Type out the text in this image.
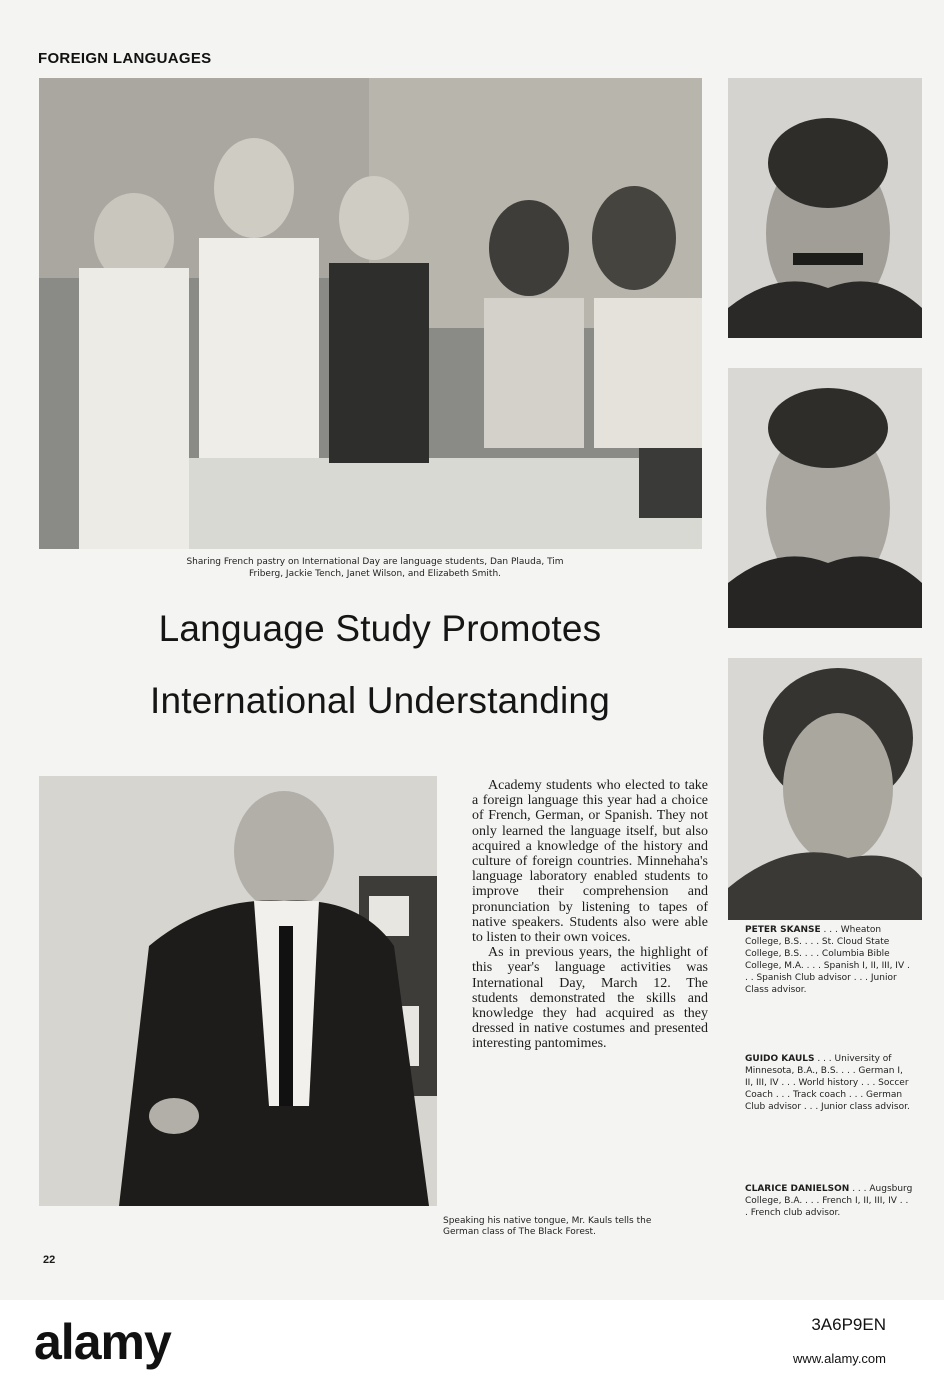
FOREIGN LANGUAGES
Sharing French pastry on International Day are language students, Dan Plauda, Tim Friberg, Jackie Tench, Janet Wilson, and Elizabeth Smith.
Language Study Promotes
International Understanding
Speaking his native tongue, Mr. Kauls tells the German class of The Black Forest.

Academy students who elected to take a foreign language this year had a choice of French, German, or Spanish. They not only learned the language itself, but also acquired a knowledge of the history and culture of foreign countries. Minnehaha's language laboratory enabled students to improve their comprehension and pronunciation by listening to tapes of native speakers. Students also were able to listen to their own voices.

As in previous years, the highlight of this year's language activities was International Day, March 12. The students demonstrated the skills and knowledge they had acquired as they dressed in native costumes and presented interesting pantomimes.

PETER SKANSE . . . Wheaton College, B.S. . . . St. Cloud State College, B.S. . . . Columbia Bible College, M.A. . . . Spanish I, II, III, IV . . . Spanish Club advisor . . . Junior Class advisor.
GUIDO KAULS . . . University of Minnesota, B.A., B.S. . . . German I, II, III, IV . . . World history . . . Soccer Coach . . . Track coach . . . German Club advisor . . . Junior class advisor.
CLARICE DANIELSON . . . Augsburg College, B.A. . . . French I, II, III, IV . . . French club advisor.
22
alamy	3A6P9EN
www.alamy.com
